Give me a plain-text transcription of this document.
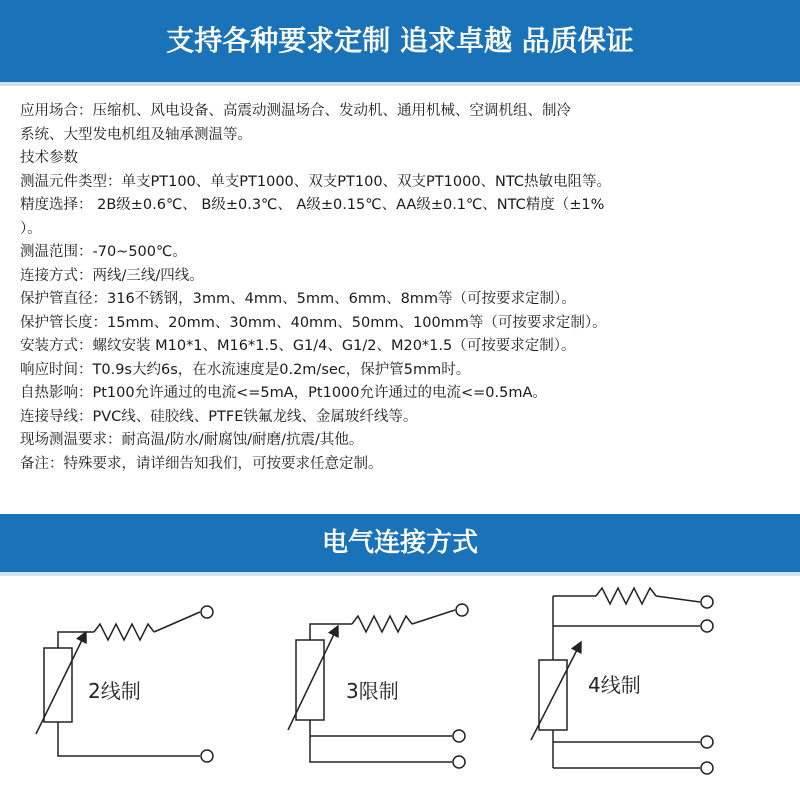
支持各种要求定制 追求卓越 品质保证
应用场合：压缩机、风电设备、高震动测温场合、发动机、通用机械、空调机组、制冷
系统、大型发电机组及轴承测温等。
技术参数
测温元件类型：单支PT100、单支PT1000、双支PT100、双支PT1000、NTC热敏电阻等。
精度选择： 2B级±0.6℃、 B级±0.3℃、 A级±0.15℃、AA级±0.1℃、NTC精度（±1%
）。
测温范围：-70~500℃。
连接方式：两线/三线/四线。
保护管直径：316不锈钢，3mm、4mm、5mm、6mm、8mm等（可按要求定制）。
保护管长度：15mm、20mm、30mm、40mm、50mm、100mm等（可按要求定制）。
安装方式：螺纹安装 M10*1、M16*1.5、G1/4、G1/2、M20*1.5（可按要求定制）。
响应时间：T0.9s大约6s，在水流速度是0.2m/sec，保护管5mm时。
自热影响：Pt100允许通过的电流<=5mA，Pt1000允许通过的电流<=0.5mA。
连接导线：PVC线、硅胶线、PTFE铁氟龙线、金属玻纤线等。
现场测温要求：耐高温/防水/耐腐蚀/耐磨/抗震/其他。
备注：特殊要求，请详细告知我们，可按要求任意定制。
电气连接方式
2线制	3限制	4线制
